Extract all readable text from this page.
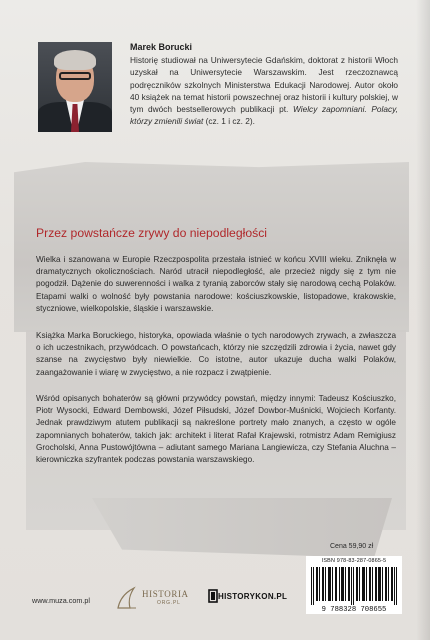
Marek Borucki

Historię studiował na Uniwersytecie Gdańskim, doktorat z historii Włoch uzyskał na Uniwersytecie Warszawskim. Jest rzeczoznawcą podręczników szkolnych Ministerstwa Edukacji Narodowej. Autor około 40 książek na temat historii powszechnej oraz historii i kultury polskiej, w tym dwóch bestsellerowych publikacji pt. Wielcy zapomniani. Polacy, którzy zmienili świat (cz. 1 i cz. 2).

Przez powstańcze zrywy do niepodległości

Wielka i szanowana w Europie Rzeczpospolita przestała istnieć w końcu XVIII wieku. Zniknęła w dramatycznych okolicznościach. Naród utracił niepodległość, ale przecież nigdy się z tym nie pogodził. Dążenie do suwerenności i walka z tyranią zaborców stały się narodową cechą Polaków. Etapami walki o wolność były powstania narodowe: kościuszkowskie, listopadowe, krakowskie, styczniowe, wielkopolskie, śląskie i warszawskie.

Książka Marka Boruckiego, historyka, opowiada właśnie o tych narodowych zrywach, a zwłaszcza o ich uczestnikach, przywódcach. O powstańcach, którzy nie szczędzili zdrowia i życia, nawet gdy szanse na zwycięstwo były niewielkie. Co istotne, autor ukazuje ducha walki Polaków, zaangażowanie i wiarę w zwycięstwo, a nie rozpacz i zwątpienie.

Wśród opisanych bohaterów są główni przywódcy powstań, między innymi: Tadeusz Kościuszko, Piotr Wysocki, Edward Dembowski, Józef Piłsudski, Józef Dowbor-Muśnicki, Wojciech Korfanty. Jednak prawdziwym atutem publikacji są nakreślone portrety mało znanych, a często w ogóle zapomnianych bohaterów, takich jak: architekt i literat Rafał Krajewski, rotmistrz Adam Remigiusz Grocholski, Anna Pustowójtówna – adiutant samego Mariana Langiewicza, czy Stefania Aluchna – kierowniczka szyfrantek podczas powstania warszawskiego.

Cena 59,90 zł
ISBN 978-83-287-0865-5
9 788328 708655
www.muza.com.pl
HISTORIA
ORG.PL
HISTORYKON.PL
